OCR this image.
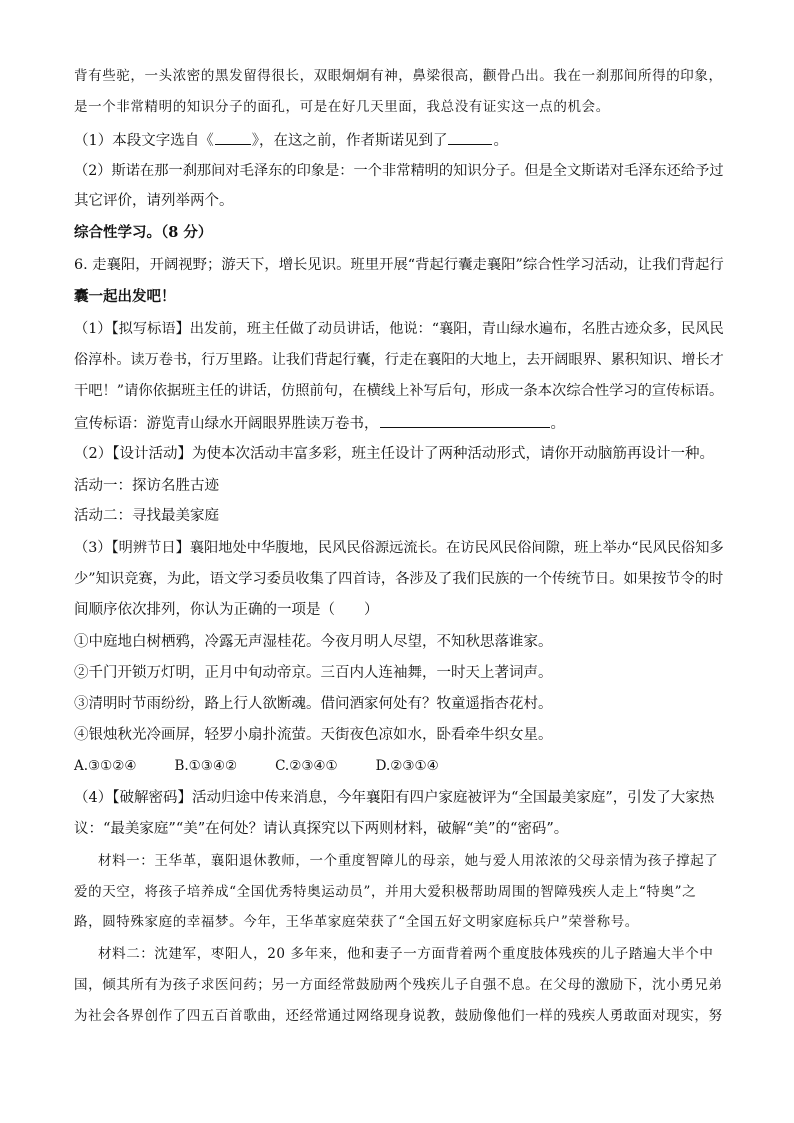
背有些驼，一头浓密的黑发留得很长，双眼炯炯有神，鼻梁很高，颧骨凸出。我在一刹那间所得的印象，
是一个非常精明的知识分子的面孔，可是在好几天里面，我总没有证实这一点的机会。
（1）本段文字选自《	》，在这之前，作者斯诺见到了	。
（2）斯诺在那一刹那间对毛泽东的印象是：一个非常精明的知识分子。但是全文斯诺对毛泽东还给予过
其它评价，请列举两个。
综合性学习。（8 分）
6. 走襄阳，开阔视野；游天下，增长见识。班里开展“背起行囊走襄阳”综合性学习活动，让我们背起行
囊一起出发吧！
（1）【拟写标语】出发前，班主任做了动员讲话，他说：“襄阳，青山绿水遍布，名胜古迹众多，民风民
俗淳朴。读万卷书，行万里路。让我们背起行囊，行走在襄阳的大地上，去开阔眼界、累积知识、增长才
干吧！”请你依据班主任的讲话，仿照前句，在横线上补写后句，形成一条本次综合性学习的宣传标语。
宣传标语：游览青山绿水开阔眼界胜读万卷书，	。
（2）【设计活动】为使本次活动丰富多彩，班主任设计了两种活动形式，请你开动脑筋再设计一种。
活动一：探访名胜古迹
活动二：寻找最美家庭
（3）【明辨节日】襄阳地处中华腹地，民风民俗源远流长。在访民风民俗间隙，班上举办“民风民俗知多
少”知识竞赛，为此，语文学习委员收集了四首诗，各涉及了我们民族的一个传统节日。如果按节令的时
间顺序依次排列，你认为正确的一项是（　　）
①中庭地白树栖鸦，冷露无声湿桂花。今夜月明人尽望，不知秋思落谁家。
②千门开锁万灯明，正月中旬动帝京。三百内人连袖舞，一时天上著词声。
③清明时节雨纷纷，路上行人欲断魂。借问酒家何处有？牧童遥指杏花村。
④银烛秋光冷画屏，轻罗小扇扑流萤。天街夜色凉如水，卧看牵牛织女星。
A.③①②④	B.①③④②	C.②③④①	D.②③①④
（4）【破解密码】活动归途中传来消息，今年襄阳有四户家庭被评为“全国最美家庭”，引发了大家热
议：“最美家庭”“美”在何处？请认真探究以下两则材料，破解“美”的“密码”。
材料一：王华革，襄阳退休教师，一个重度智障儿的母亲，她与爱人用浓浓的父母亲情为孩子撑起了
爱的天空，将孩子培养成“全国优秀特奥运动员”，并用大爱积极帮助周围的智障残疾人走上“特奥”之
路，圆特殊家庭的幸福梦。今年，王华革家庭荣获了“全国五好文明家庭标兵户”荣誉称号。
材料二：沈建军，枣阳人，20 多年来，他和妻子一方面背着两个重度肢体残疾的儿子踏遍大半个中
国，倾其所有为孩子求医问药；另一方面经常鼓励两个残疾儿子自强不息。在父母的激励下，沈小勇兄弟
为社会各界创作了四五百首歌曲，还经常通过网络现身说教，鼓励像他们一样的残疾人勇敢面对现实，努
